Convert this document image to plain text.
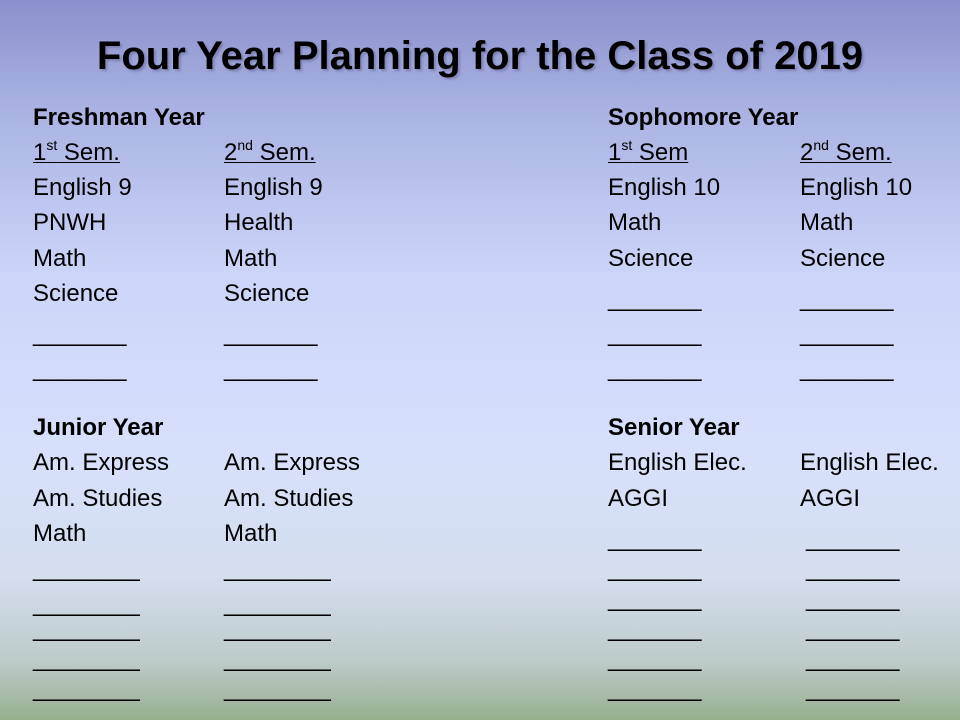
Four Year Planning for the Class of 2019
Freshman Year
1st Sem.	2nd Sem.
English 9
PNWH
Math
Science
_______
_______
English 9
Health
Math
Science
_______
_______
Sophomore Year
1st Sem	2nd Sem.
English 10
Math
Science
_______
_______
_______
English 10
Math
Science
_______
_______
_______
Junior Year
Am. Express
Am. Studies
Math
________
________
________
________
________
Am. Express
Am. Studies
Math
________
________
________
________
________
Senior Year
English Elec.
AGGI
_______
_______
_______
_______
_______
_______
English Elec.
AGGI
_______
_______
_______
_______
_______
_______
